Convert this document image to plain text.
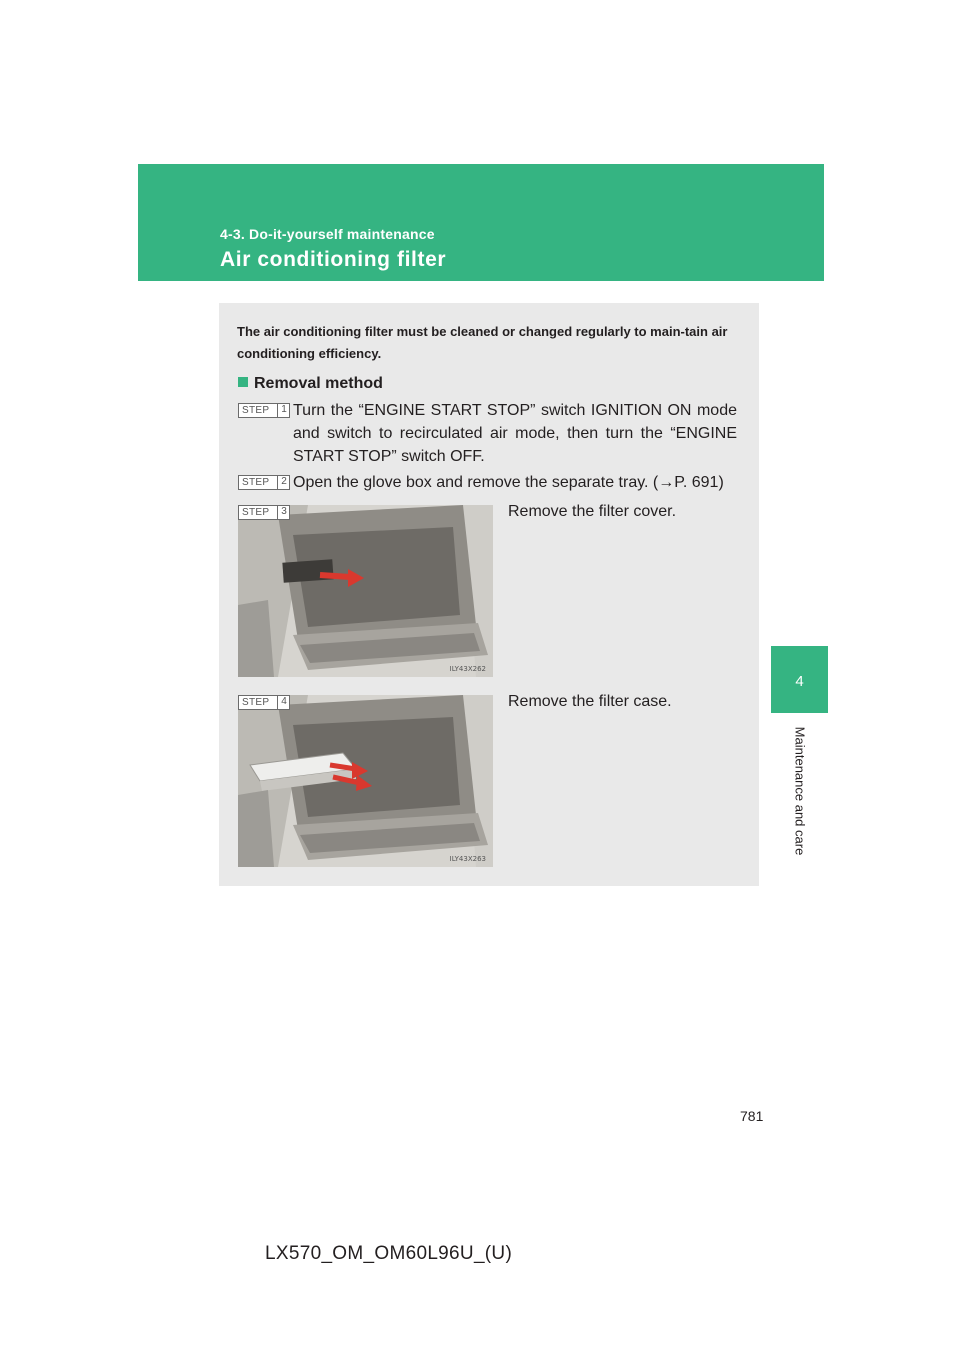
4-3. Do-it-yourself maintenance
Air conditioning filter
4
Maintenance and care
The air conditioning filter must be cleaned or changed regularly to main-tain air conditioning efficiency.
Removal method
STEP	1 Turn the “ENGINE START STOP” switch IGNITION ON mode and switch to recirculated air mode, then turn the “ENGINE START STOP” switch OFF.
STEP	2 Open the glove box and remove the separate tray. (→P. 691)
STEP	3
ILY43X262
Remove the filter cover.
STEP	4
ILY43X263
Remove the filter case.
781
LX570_OM_OM60L96U_(U)
